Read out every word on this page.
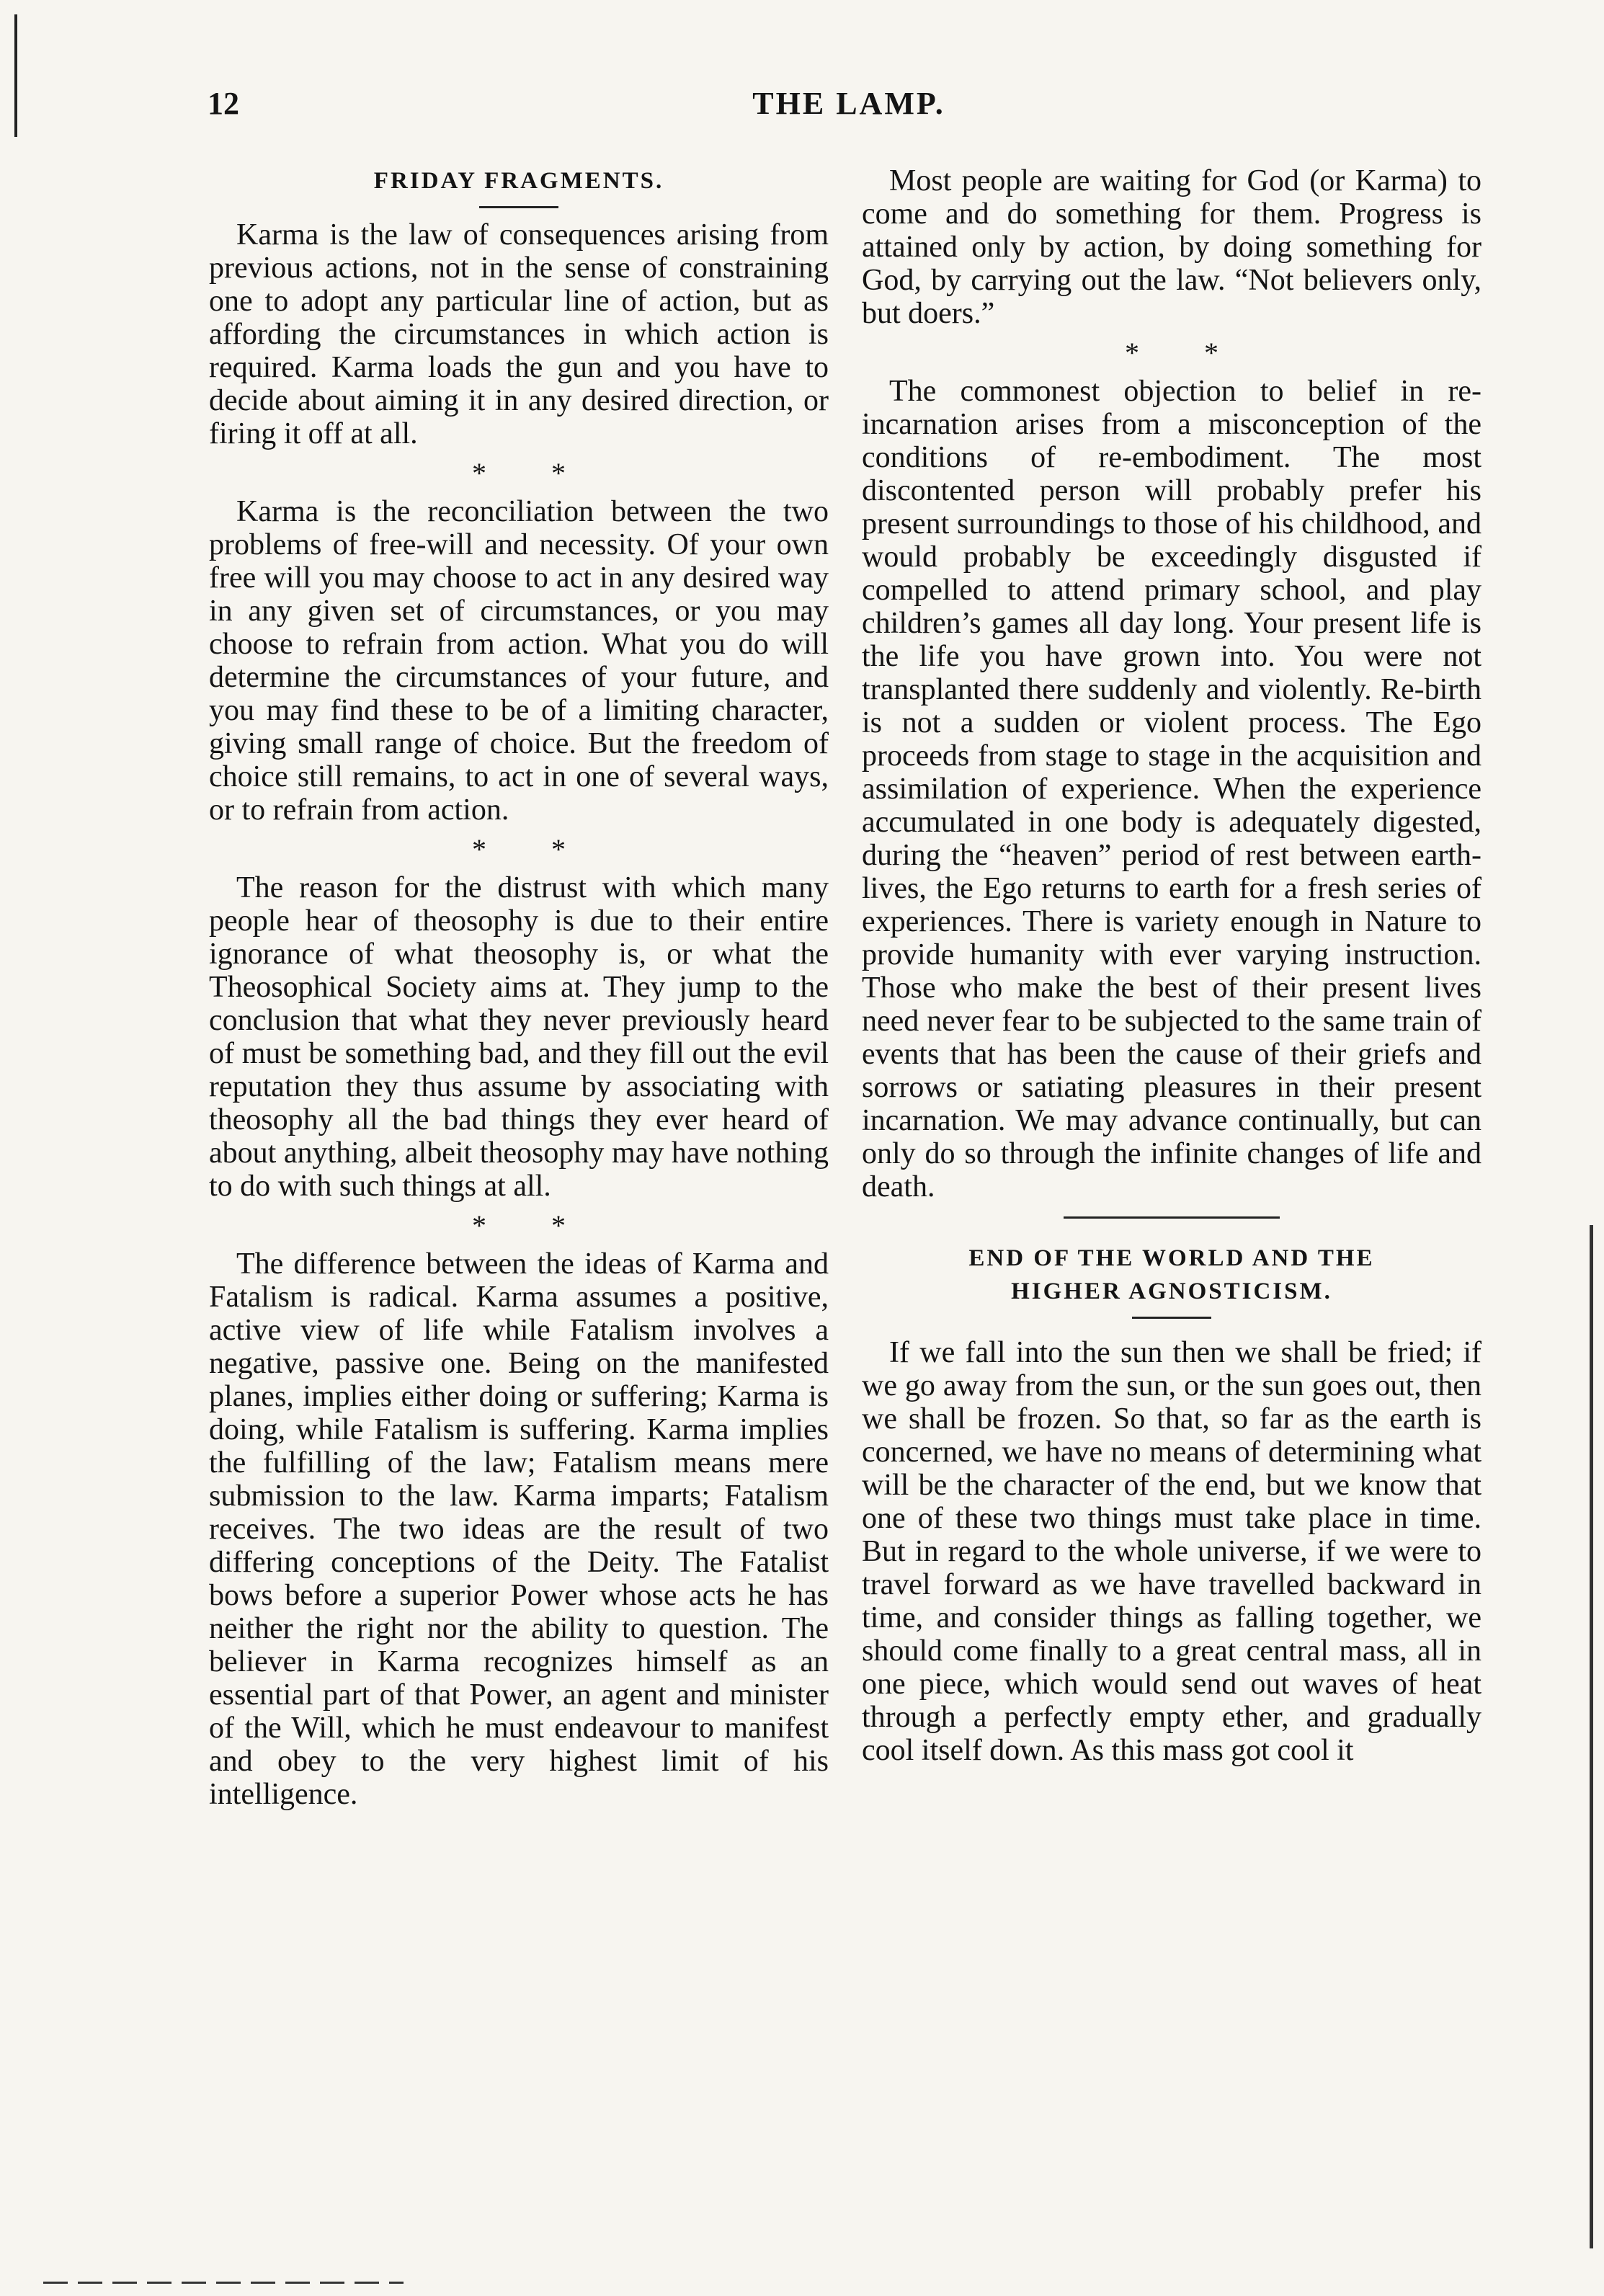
12	THE LAMP.
FRIDAY FRAGMENTS.

Karma is the law of consequences arising from previous actions, not in the sense of constraining one to adopt any particular line of action, but as affording the circumstances in which action is required. Karma loads the gun and you have to decide about aiming it in any desired direction, or firing it off at all.

* *

Karma is the reconciliation between the two problems of free-will and necessity. Of your own free will you may choose to act in any desired way in any given set of circumstances, or you may choose to refrain from action. What you do will determine the circumstances of your future, and you may find these to be of a limiting character, giving small range of choice. But the freedom of choice still remains, to act in one of several ways, or to refrain from action.

* *

The reason for the distrust with which many people hear of theosophy is due to their entire ignorance of what theosophy is, or what the Theosophical Society aims at. They jump to the conclusion that what they never previously heard of must be something bad, and they fill out the evil reputation they thus assume by associating with theosophy all the bad things they ever heard of about anything, albeit theosophy may have nothing to do with such things at all.

* *

The difference between the ideas of Karma and Fatalism is radical. Karma assumes a positive, active view of life while Fatalism involves a negative, passive one. Being on the manifested planes, implies either doing or suffering; Karma is doing, while Fatalism is suffering. Karma implies the fulfilling of the law; Fatalism means mere submission to the law. Karma imparts; Fatalism receives. The two ideas are the result of two differing conceptions of the Deity. The Fatalist bows before a superior Power whose acts he has neither the right nor the ability to question. The believer in Karma recognizes himself as an essential part of that Power, an agent and minister of the Will, which he must endeavour to manifest and obey to the very highest limit of his intelligence.

Most people are waiting for God (or Karma) to come and do something for them. Progress is attained only by action, by doing something for God, by carrying out the law. “Not believers only, but doers.”

* *

The commonest objection to belief in re-incarnation arises from a misconception of the conditions of re-embodiment. The most discontented person will probably prefer his present surroundings to those of his childhood, and would probably be exceedingly disgusted if compelled to attend primary school, and play children’s games all day long. Your present life is the life you have grown into. You were not transplanted there suddenly and violently. Re-birth is not a sudden or violent process. The Ego proceeds from stage to stage in the acquisition and assimilation of experience. When the experience accumulated in one body is adequately digested, during the “heaven” period of rest between earth-lives, the Ego returns to earth for a fresh series of experiences. There is variety enough in Nature to provide humanity with ever varying instruction. Those who make the best of their present lives need never fear to be subjected to the same train of events that has been the cause of their griefs and sorrows or satiating pleasures in their present incarnation. We may advance continually, but can only do so through the infinite changes of life and death.

END OF THE WORLD AND THE
HIGHER AGNOSTICISM.

If we fall into the sun then we shall be fried; if we go away from the sun, or the sun goes out, then we shall be frozen. So that, so far as the earth is concerned, we have no means of determining what will be the character of the end, but we know that one of these two things must take place in time. But in regard to the whole universe, if we were to travel forward as we have travelled backward in time, and consider things as falling together, we should come finally to a great central mass, all in one piece, which would send out waves of heat through a perfectly empty ether, and gradually cool itself down. As this mass got cool it
